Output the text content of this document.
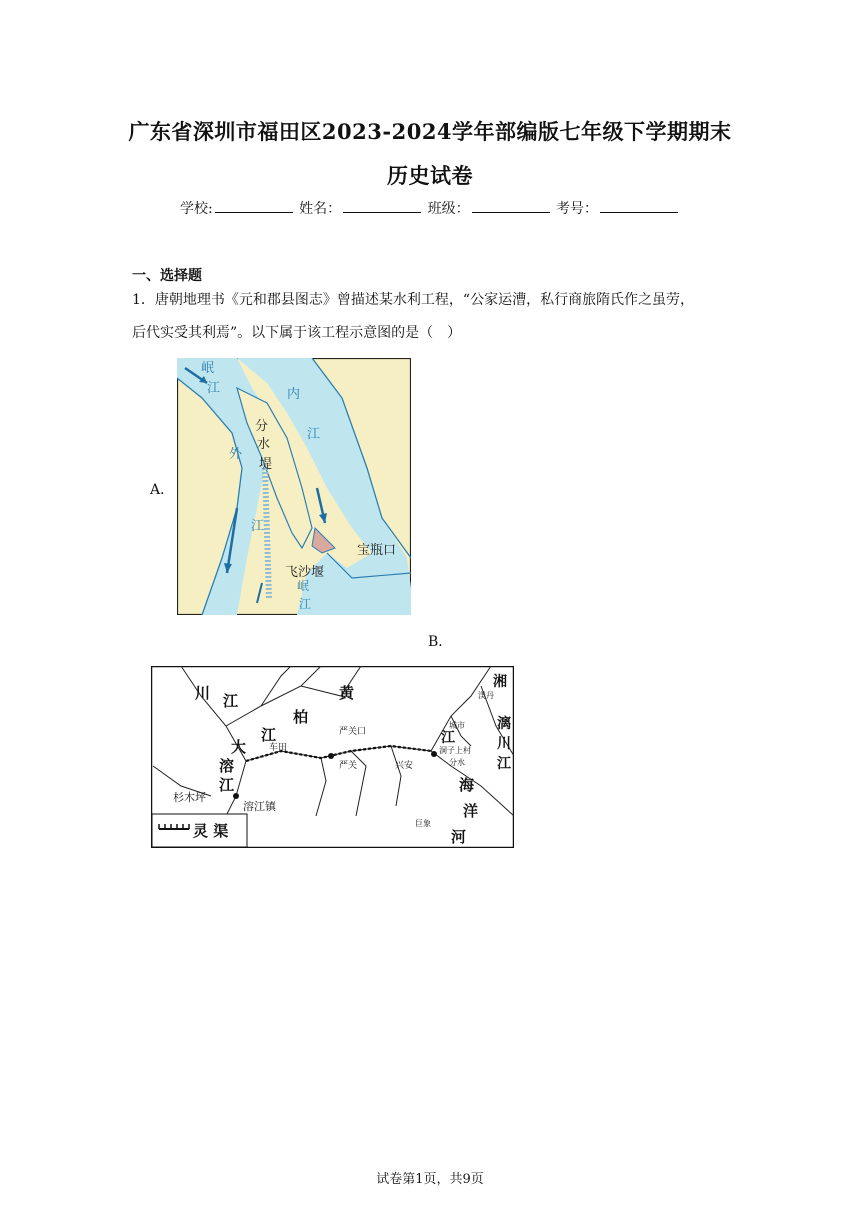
广东省深圳市福田区2023-2024学年部编版七年级下学期期末
历史试卷
学校:	姓名：	班级：	考号：
一、选择题
1．唐朝地理书《元和郡县图志》曾描述某水利工程，“公家运漕，私行商旅隋氏作之虽劳，
后代实受其利焉”。以下属于该工程示意图的是（　）
A．
岷
江	内
江
外
江
分
水
堤
宝瓶口
飞沙堰
岷
江
B．
灵 渠
川 江
大
溶
江
黄
柏
江
湘
漓
川
江
江
海
洋
河
杉木坪
溶江镇
车田
严关口
严关	兴安
城市
洞子上村
分水
巨象
渼丹
试卷第1页，共9页
